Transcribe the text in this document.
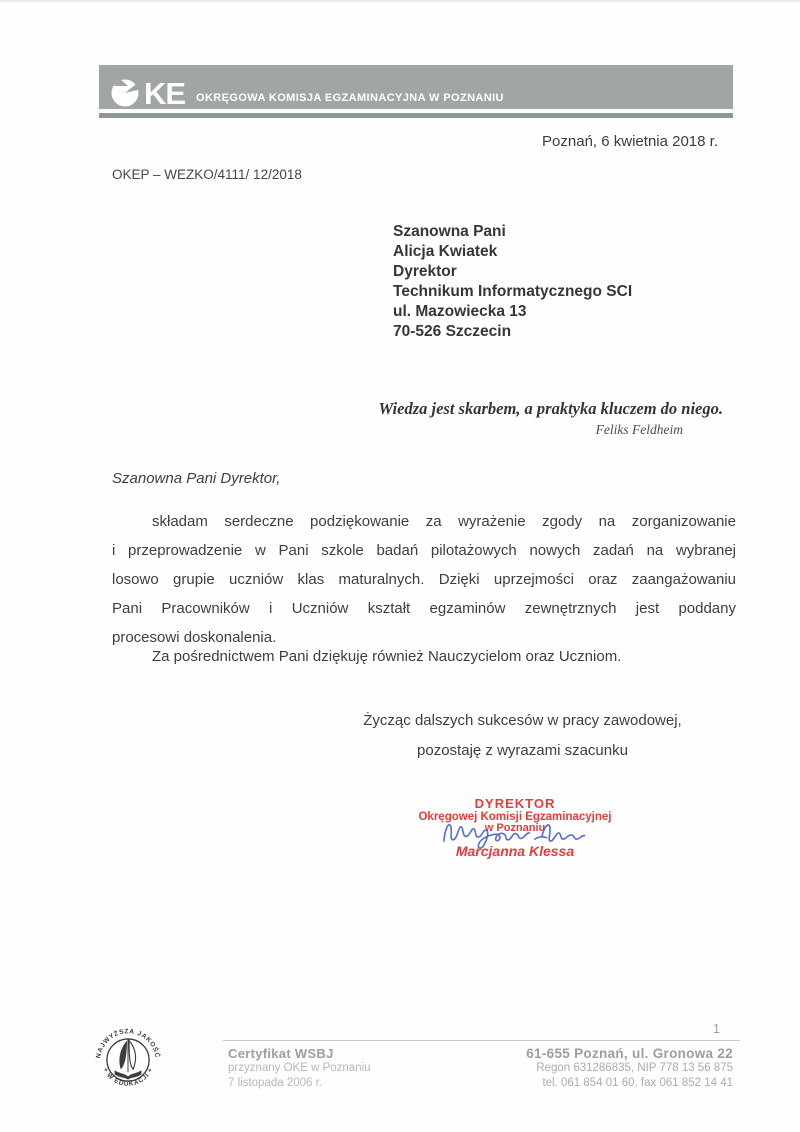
KE OKRĘGOWA KOMISJA EGZAMINACYJNA W POZNANIU
Poznań, 6 kwietnia 2018 r.
OKEP – WEZKO/4111/ 12/2018
Szanowna Pani
Alicja Kwiatek
Dyrektor
Technikum Informatycznego SCI
ul. Mazowiecka 13
70-526 Szczecin
Wiedza jest skarbem, a praktyka kluczem do niego.
Feliks Feldheim
Szanowna Pani Dyrektor,
składam serdeczne podziękowanie za wyrażenie zgody na zorganizowanie
i przeprowadzenie w Pani szkole badań pilotażowych nowych zadań na wybranej
losowo grupie uczniów klas maturalnych. Dzięki uprzejmości oraz zaangażowaniu
Pani Pracowników i Uczniów kształt egzaminów zewnętrznych jest poddany
procesowi doskonalenia.
Za pośrednictwem Pani dziękuję również Nauczycielom oraz Uczniom.
Życząc dalszych sukcesów w pracy zawodowej,
pozostaję z wyrazami szacunku
DYREKTOR
Okręgowej Komisji Egzaminacyjnej
w Poznaniu
Marcjanna Klessa
1
NAJWYŻSZA JAKOŚĆ
+ W EDUKACJI +
Certyfikat WSBJ
przyznany OKE w Poznaniu
7 listopada 2006 r.
61-655 Poznań, ul. Gronowa 22
Regon 631286835, NIP 778 13 56 875
tel. 061 854 01 60, fax 061 852 14 41
